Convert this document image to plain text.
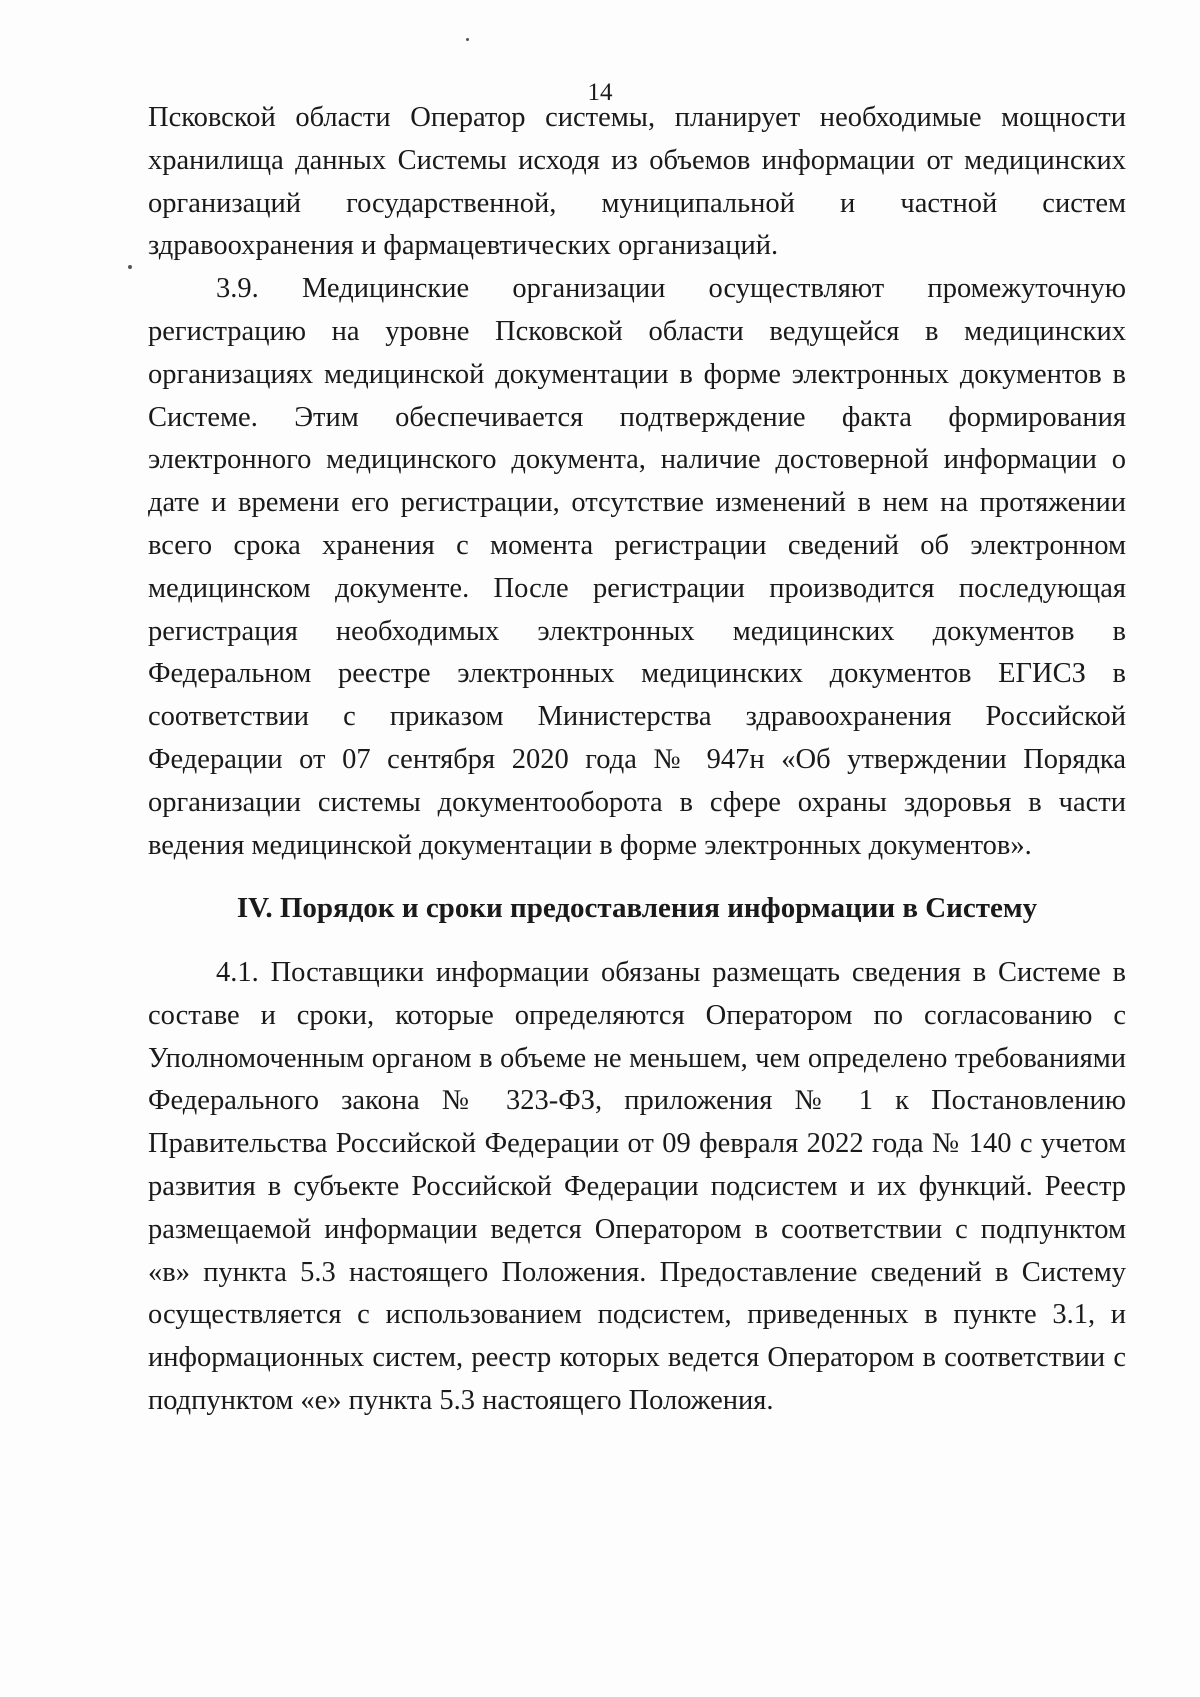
14

Псковской области Оператор системы, планирует необходимые мощности хранилища данных Системы исходя из объемов информации от медицинских организаций государственной, муниципальной и частной систем здравоохранения и фармацевтических организаций.

3.9. Медицинские организации осуществляют промежуточную регистрацию на уровне Псковской области ведущейся в медицинских организациях медицинской документации в форме электронных документов в Системе. Этим обеспечивается подтверждение факта формирования электронного медицинского документа, наличие достоверной информации о дате и времени его регистрации, отсутствие изменений в нем на протяжении всего срока хранения с момента регистрации сведений об электронном медицинском документе. После регистрации производится последующая регистрация необходимых электронных медицинских документов в Федеральном реестре электронных медицинских документов ЕГИСЗ в соответствии с приказом Министерства здравоохранения Российской Федерации от 07 сентября 2020 года № 947н «Об утверждении Порядка организации системы документооборота в сфере охраны здоровья в части ведения медицинской документации в форме электронных документов».

IV. Порядок и сроки предоставления информации в Систему

4.1. Поставщики информации обязаны размещать сведения в Системе в составе и сроки, которые определяются Оператором по согласованию с Уполномоченным органом в объеме не меньшем, чем определено требованиями Федерального закона № 323-ФЗ, приложения № 1 к Постановлению Правительства Российской Федерации от 09 февраля 2022 года № 140 с учетом развития в субъекте Российской Федерации подсистем и их функций. Реестр размещаемой информации ведется Оператором в соответствии с подпунктом «в» пункта 5.3 настоящего Положения. Предоставление сведений в Систему осуществляется с использованием подсистем, приведенных в пункте 3.1, и информационных систем, реестр которых ведется Оператором в соответствии с подпунктом «е» пункта 5.3 настоящего Положения.
